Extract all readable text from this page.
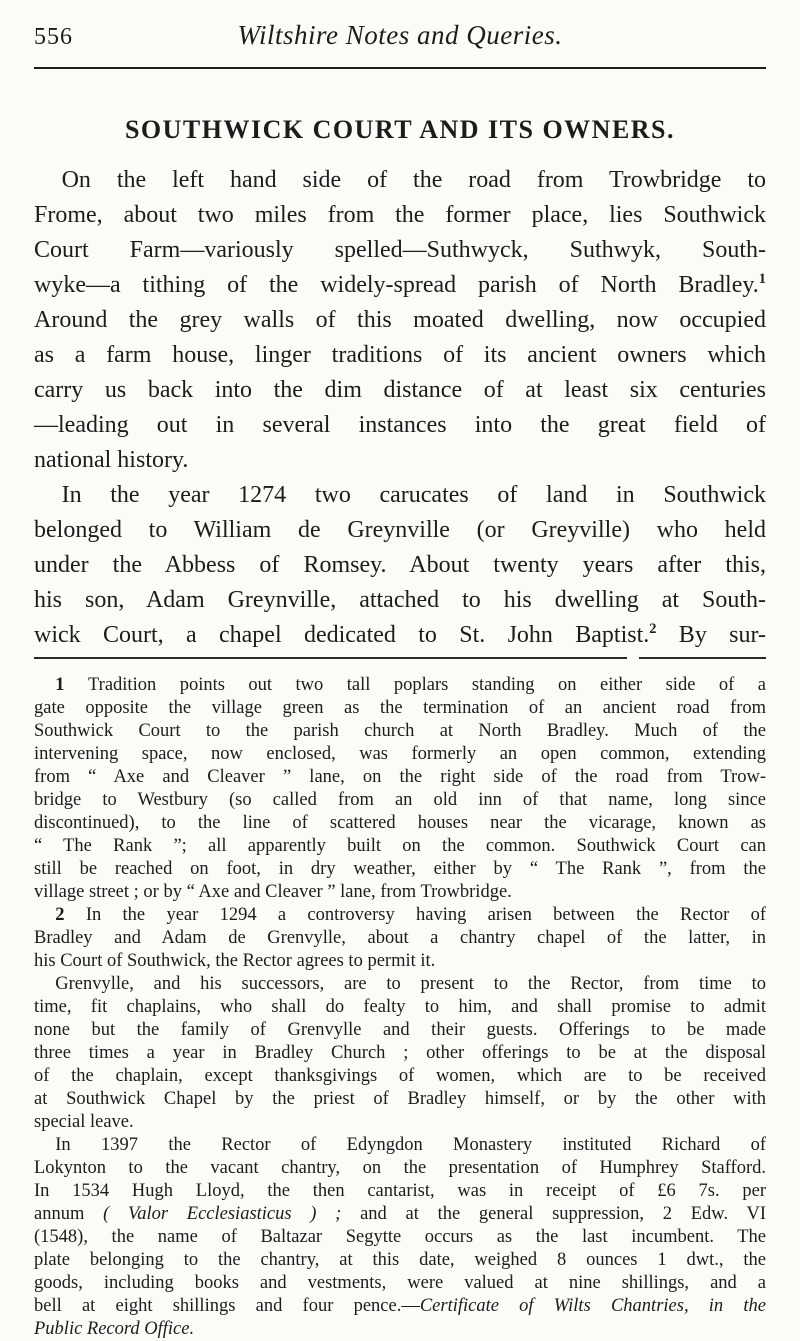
556	Wiltshire Notes and Queries.
SOUTHWICK COURT AND ITS OWNERS.
On the left hand side of the road from Trowbridge to
Frome, about two miles from the former place, lies Southwick
Court Farm—variously spelled—Suthwyck, Suthwyk, South-
wyke—a tithing of the widely-spread parish of North Bradley.$^1$
Around the grey walls of this moated dwelling, now occupied
as a farm house, linger traditions of its ancient owners which
carry us back into the dim distance of at least six centuries
—leading out in several instances into the great field of
national history.
In the year 1274 two carucates of land in Southwick
belonged to William de Greynville (or Greyville) who held
under the Abbess of Romsey. About twenty years after this,
his son, Adam Greynville, attached to his dwelling at South-
wick Court, a chapel dedicated to St. John Baptist.$^2$ By sur-
1 Tradition points out two tall poplars standing on either side of a
gate opposite the village green as the termination of an ancient road from
Southwick Court to the parish church at North Bradley. Much of the
intervening space, now enclosed, was formerly an open common, extending
from “ Axe and Cleaver ” lane, on the right side of the road from Trow-
bridge to Westbury (so called from an old inn of that name, long since
discontinued), to the line of scattered houses near the vicarage, known as
“ The Rank ”; all apparently built on the common. Southwick Court can
still be reached on foot, in dry weather, either by “ The Rank ”, from the
village street ; or by “ Axe and Cleaver ” lane, from Trowbridge.
2 In the year 1294 a controversy having arisen between the Rector of
Bradley and Adam de Grenvylle, about a chantry chapel of the latter, in
his Court of Southwick, the Rector agrees to permit it.
Grenvylle, and his successors, are to present to the Rector, from time to
time, fit chaplains, who shall do fealty to him, and shall promise to admit
none but the family of Grenvylle and their guests. Offerings to be made
three times a year in Bradley Church ; other offerings to be at the disposal
of the chaplain, except thanksgivings of women, which are to be received
at Southwick Chapel by the priest of Bradley himself, or by the other with
special leave.
In 1397 the Rector of Edyngdon Monastery instituted Richard of
Lokynton to the vacant chantry, on the presentation of Humphrey Stafford.
In 1534 Hugh Lloyd, the then cantarist, was in receipt of £6 7s. per
annum ( Valor Ecclesiasticus ) ; and at the general suppression, 2 Edw. VI
(1548), the name of Baltazar Segytte occurs as the last incumbent. The
plate belonging to the chantry, at this date, weighed 8 ounces 1 dwt., the
goods, including books and vestments, were valued at nine shillings, and a
bell at eight shillings and four pence.—Certificate of Wilts Chantries, in the
Public Record Office.
